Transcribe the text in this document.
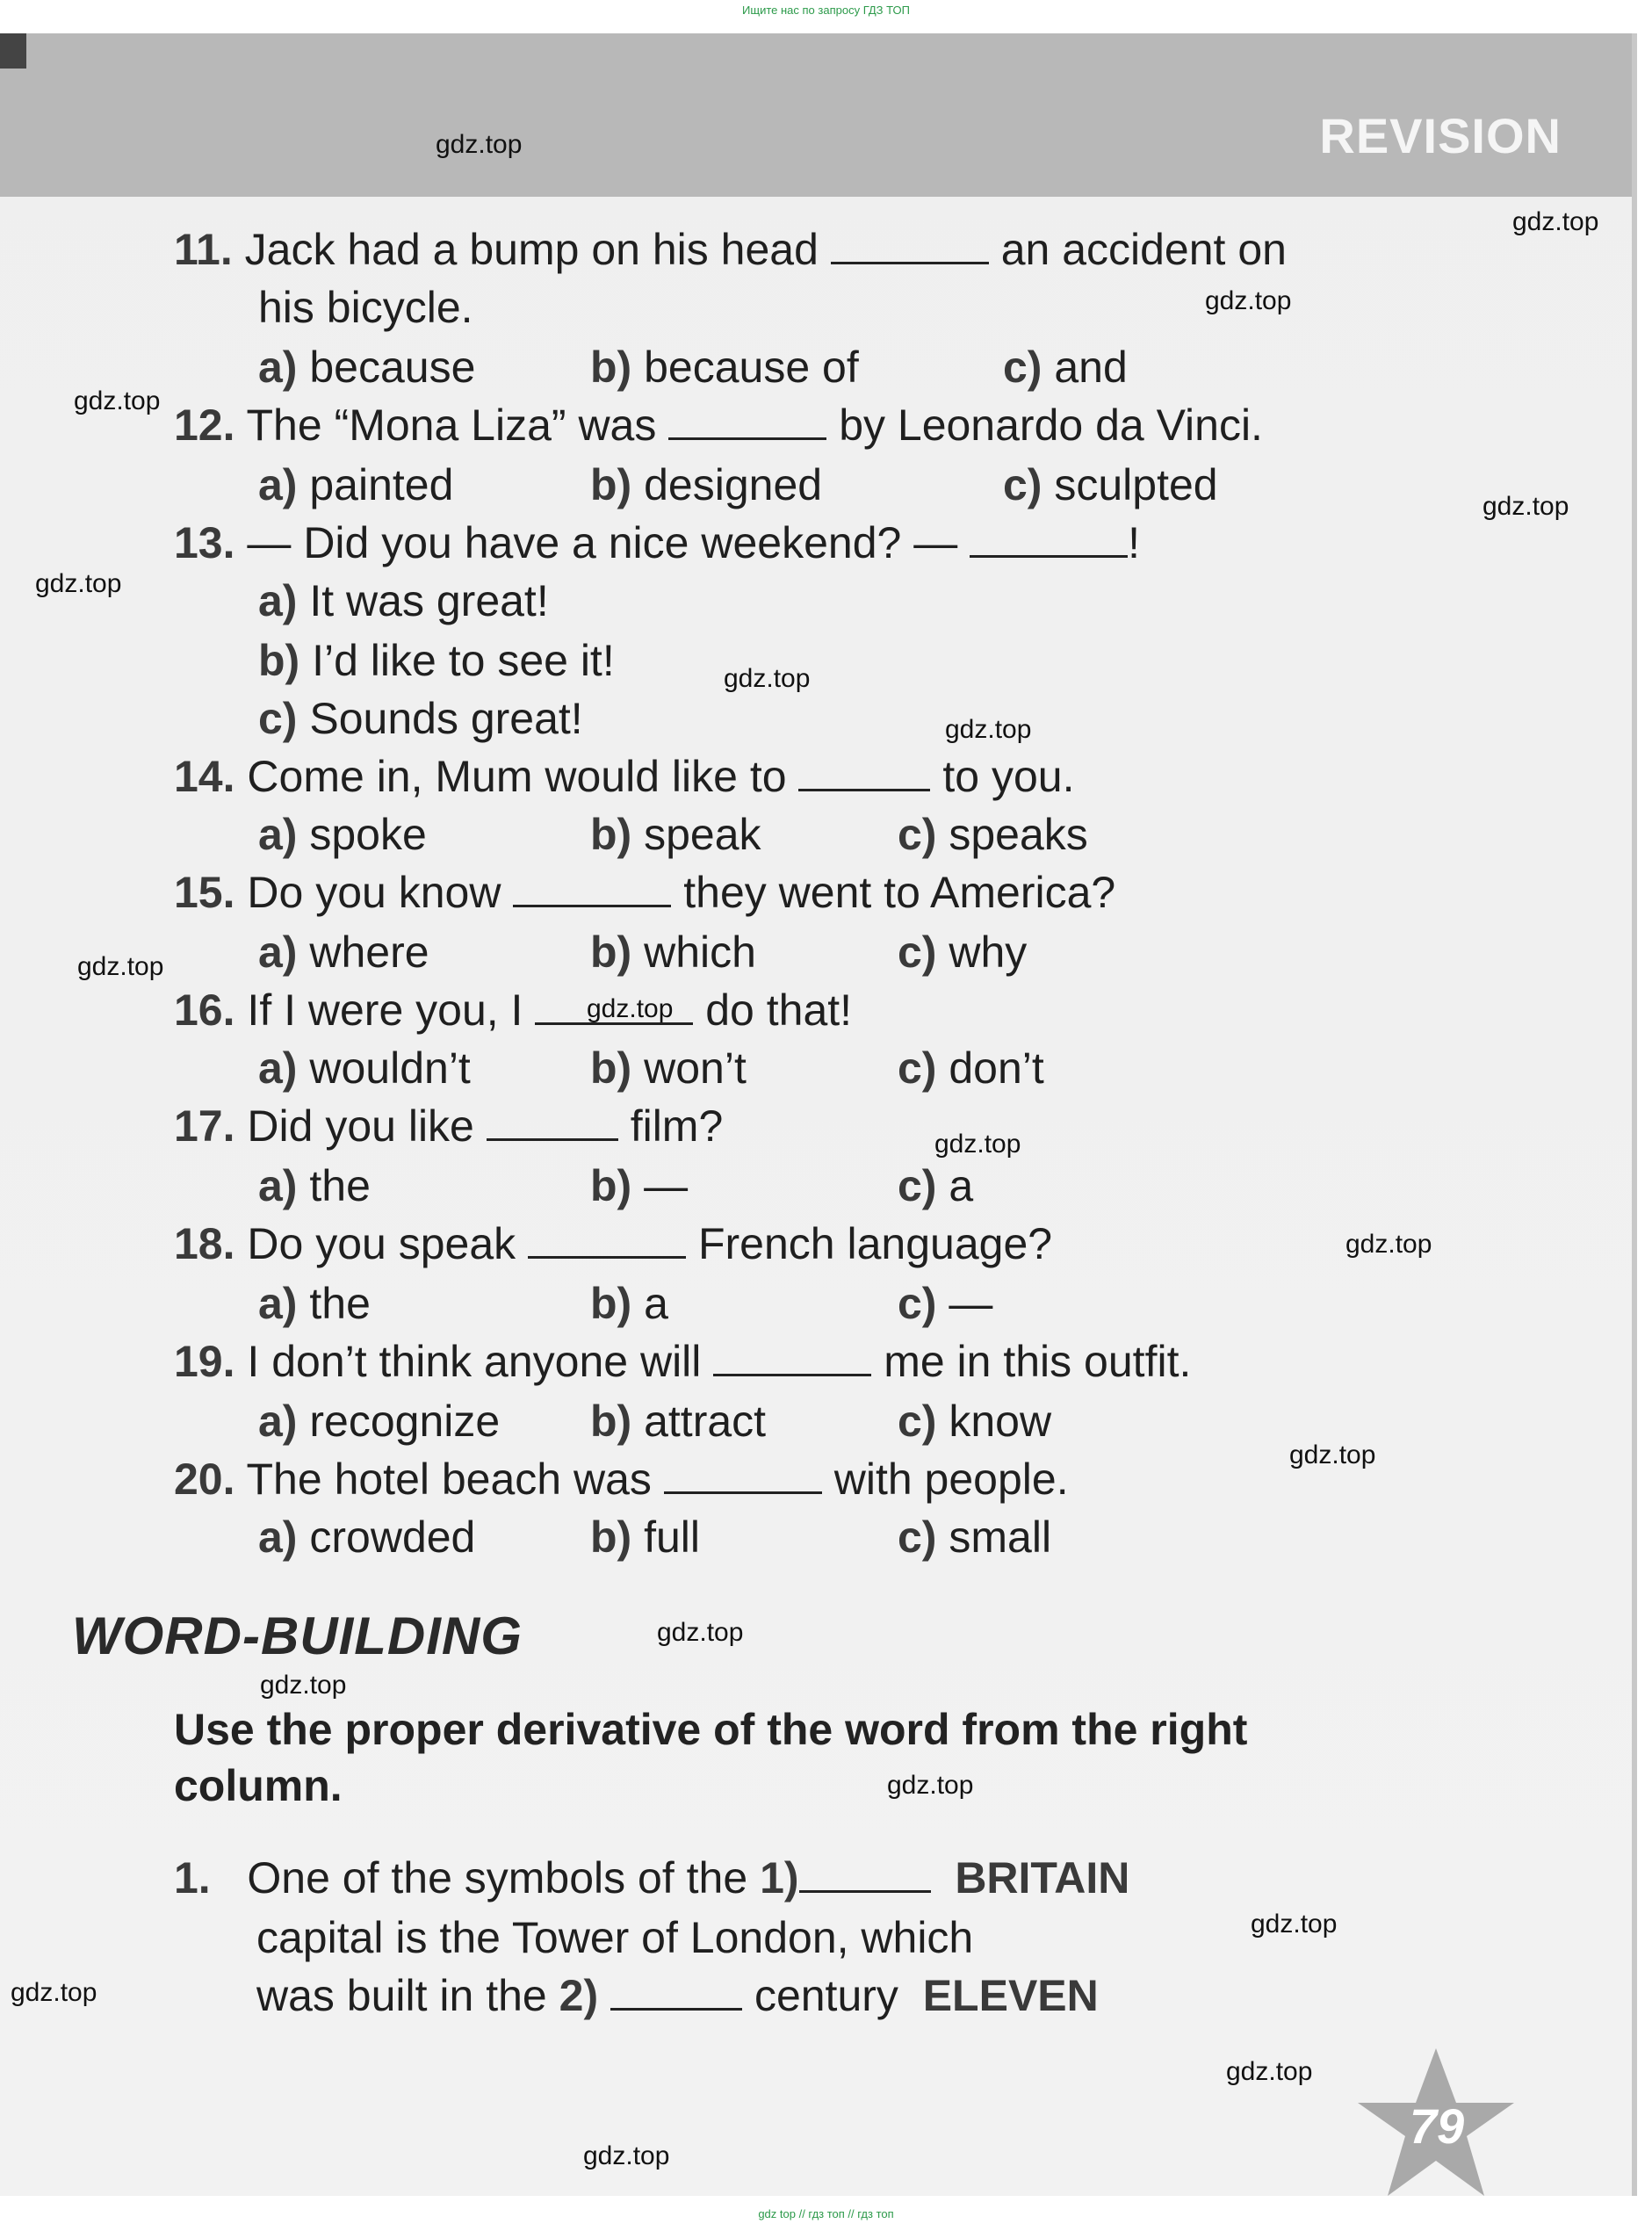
Ищите нас по запросу ГДЗ ТОП
REVISION
11. Jack had a bump on his head	an accident on
his bicycle.
a) because	b) because of	c) and
12. The “Mona Liza” was	by Leonardo da Vinci.
a) painted	b) designed	c) sculpted
13. — Did you have a nice weekend? —	!
a) It was great!
b) I’d like to see it!
c) Sounds great!
14. Come in, Mum would like to	to you.
a) spoke	b) speak	c) speaks
15. Do you know	they went to America?
a) where	b) which	c) why
16. If I were you, I	do that!
a) wouldn’t	b) won’t	c) don’t
17. Did you like	film?
a) the	b) —	c) a
18. Do you speak	French language?
a) the	b) a	c) —
19. I don’t think anyone will	me in this outfit.
a) recognize b) attract	c) know
20. The hotel beach was	with people.
a) crowded	b) full	c) small
WORD-BUILDING
Use the proper derivative of the word from the right
column.
1. One of the symbols of the 1)	BRITAIN
capital is the Tower of London, which
was built in the 2)	century ELEVEN
79
gdz.top
gdz.top
gdz.top
gdz.top
gdz.top
gdz.top
gdz.top
gdz.top
gdz.top
gdz.top
gdz.top
gdz.top
gdz.top
gdz.top
gdz.top
gdz.top
gdz.top
gdz.top
gdz.top
gdz.top
gdz top // гдз топ // гдз топ
